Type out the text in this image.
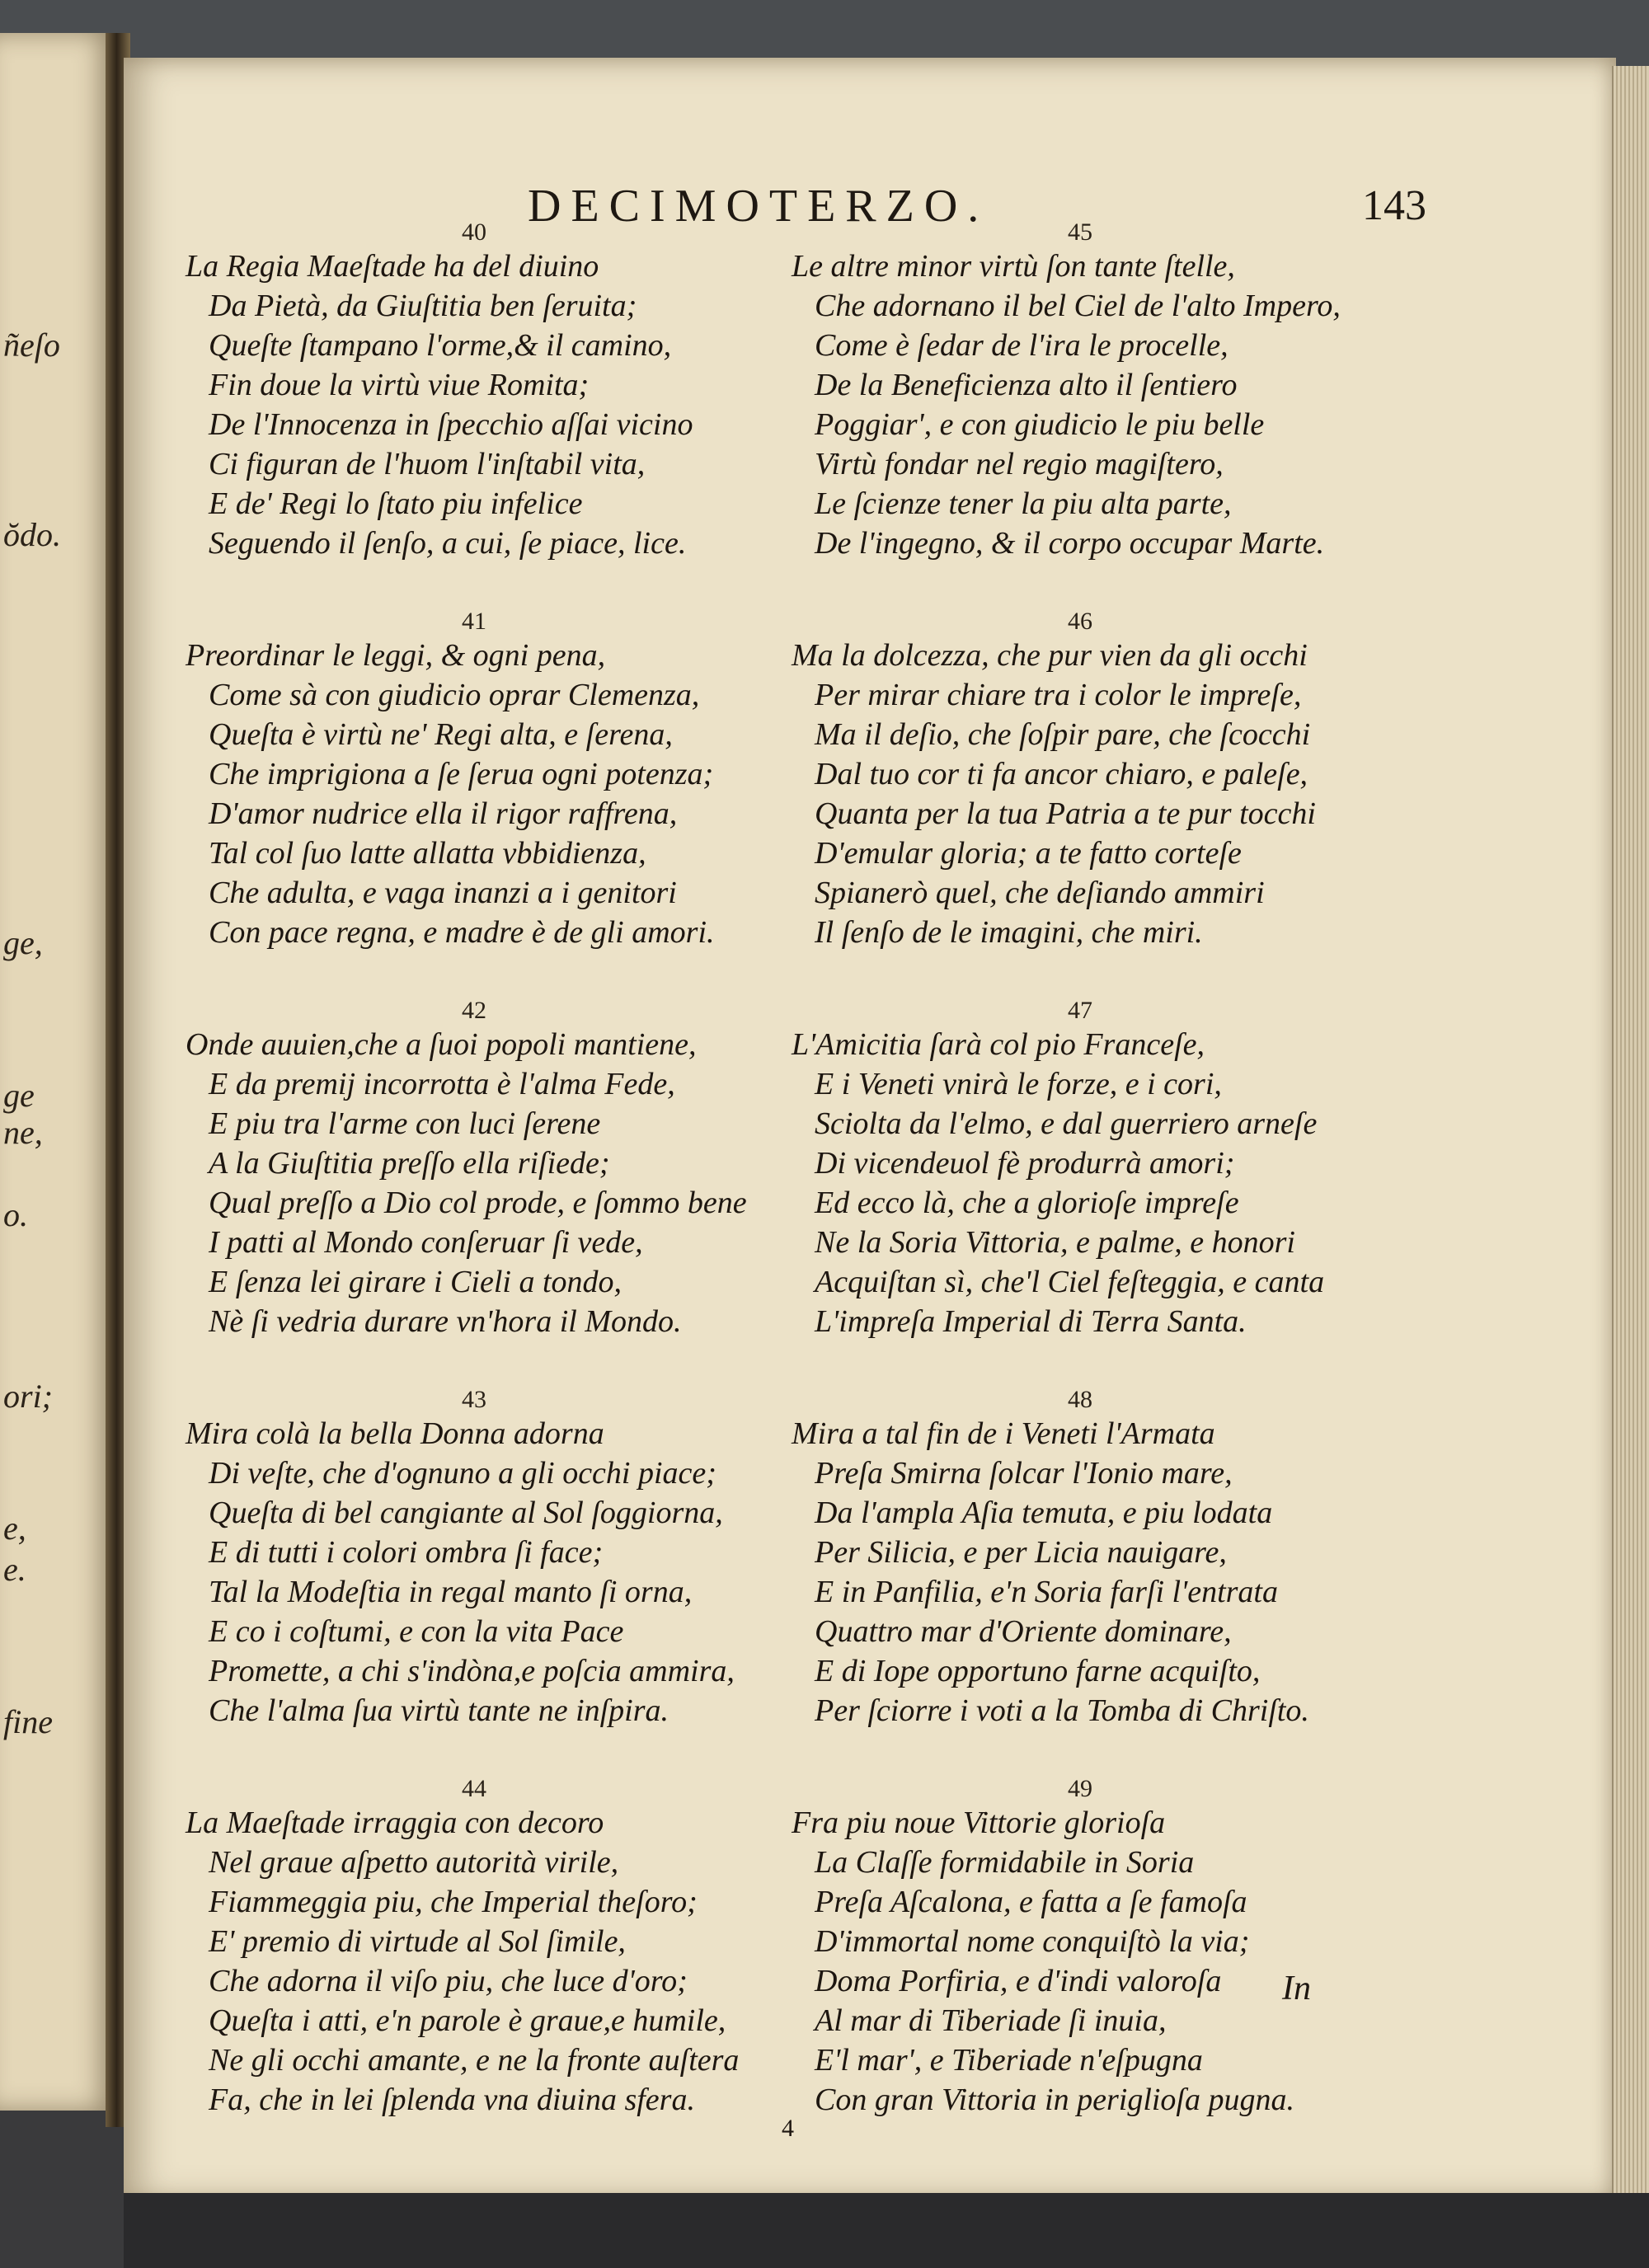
ñeſo
ŏdo.
ge,
ge
ne,
o.
ori;
e,
e.
fine
DECIMOTERZO.	143
40

La Regia Maeſtade ha del diuino

Da Pietà, da Giuſtitia ben ſeruita;

Queſte ſtampano l'orme,& il camino,

Fin doue la virtù viue Romita;

De l'Innocenza in ſpecchio aſſai vicino

Ci figuran de l'huom l'inſtabil vita,

E de' Regi lo ſtato piu infelice

Seguendo il ſenſo, a cui, ſe piace, lice.

41

Preordinar le leggi, & ogni pena,

Come sà con giudicio oprar Clemenza,

Queſta è virtù ne' Regi alta, e ſerena,

Che imprigiona a ſe ſerua ogni potenza;

D'amor nudrice ella il rigor raffrena,

Tal col ſuo latte allatta vbbidienza,

Che adulta, e vaga inanzi a i genitori

Con pace regna, e madre è de gli amori.

42

Onde auuien,che a ſuoi popoli mantiene,

E da premij incorrotta è l'alma Fede,

E piu tra l'arme con luci ſerene

A la Giuſtitia preſſo ella riſiede;

Qual preſſo a Dio col prode, e ſommo bene

I patti al Mondo conſeruar ſi vede,

E ſenza lei girare i Cieli a tondo,

Nè ſi vedria durare vn'hora il Mondo.

43

Mira colà la bella Donna adorna

Di veſte, che d'ognuno a gli occhi piace;

Queſta di bel cangiante al Sol ſoggiorna,

E di tutti i colori ombra ſi face;

Tal la Modeſtia in regal manto ſi orna,

E co i coſtumi, e con la vita Pace

Promette, a chi s'indòna,e poſcia ammira,

Che l'alma ſua virtù tante ne inſpira.

44

La Maeſtade irraggia con decoro

Nel graue aſpetto autorità virile,

Fiammeggia piu, che Imperial theſoro;

E' premio di virtude al Sol ſimile,

Che adorna il viſo piu, che luce d'oro;

Queſta i atti, e'n parole è graue,e humile,

Ne gli occhi amante, e ne la fronte auſtera

Fa, che in lei ſplenda vna diuina sfera.

45

Le altre minor virtù ſon tante ſtelle,

Che adornano il bel Ciel de l'alto Impero,

Come è ſedar de l'ira le procelle,

De la Beneficienza alto il ſentiero

Poggiar', e con giudicio le piu belle

Virtù fondar nel regio magiſtero,

Le ſcienze tener la piu alta parte,

De l'ingegno, & il corpo occupar Marte.

46

Ma la dolcezza, che pur vien da gli occhi

Per mirar chiare tra i color le impreſe,

Ma il deſio, che ſoſpir pare, che ſcocchi

Dal tuo cor ti fa ancor chiaro, e paleſe,

Quanta per la tua Patria a te pur tocchi

D'emular gloria; a te fatto corteſe

Spianerò quel, che deſiando ammiri

Il ſenſo de le imagini, che miri.

47

L'Amicitia ſarà col pio Franceſe,

E i Veneti vnirà le forze, e i cori,

Sciolta da l'elmo, e dal guerriero arneſe

Di vicendeuol fè produrrà amori;

Ed ecco là, che a glorioſe impreſe

Ne la Soria Vittoria, e palme, e honori

Acquiſtan sì, che'l Ciel feſteggia, e canta

L'impreſa Imperial di Terra Santa.

48

Mira a tal fin de i Veneti l'Armata

Preſa Smirna ſolcar l'Ionio mare,

Da l'ampla Aſia temuta, e piu lodata

Per Silicia, e per Licia nauigare,

E in Panfilia, e'n Soria farſi l'entrata

Quattro mar d'Oriente dominare,

E di Iope opportuno farne acquiſto,

Per ſciorre i voti a la Tomba di Chriſto.

49

Fra piu noue Vittorie glorioſa

La Claſſe formidabile in Soria

Preſa Aſcalona, e fatta a ſe famoſa

D'immortal nome conquiſtò la via;

Doma Porfiria, e d'indi valoroſa

Al mar di Tiberiade ſi inuia,

E'l mar', e Tiberiade n'eſpugna

Con gran Vittoria in periglioſa pugna.

In
4
